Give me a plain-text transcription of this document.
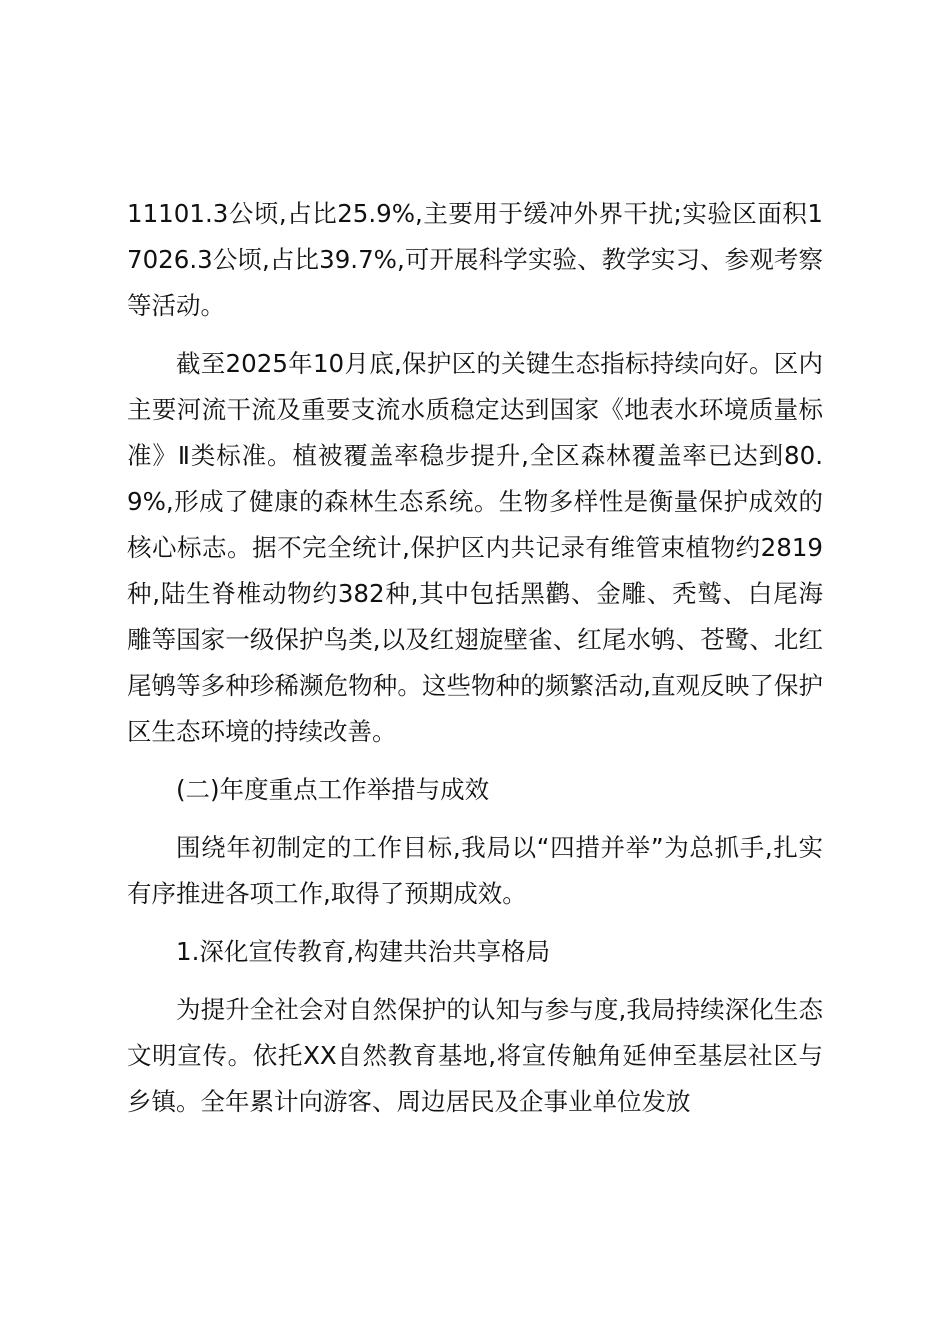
11101.3公顷,占比25.9%,主要用于缓冲外界干扰;实验区面积17026.3公顷,占比39.7%,可开展科学实验、教学实习、参观考察等活动。

截至2025年10月底,保护区的关键生态指标持续向好。区内主要河流干流及重要支流水质稳定达到国家《地表水环境质量标准》Ⅱ类标准。植被覆盖率稳步提升,全区森林覆盖率已达到80.9%,形成了健康的森林生态系统。生物多样性是衡量保护成效的核心标志。据不完全统计,保护区内共记录有维管束植物约2819种,陆生脊椎动物约382种,其中包括黑鹳、金雕、秃鹫、白尾海雕等国家一级保护鸟类,以及红翅旋壁雀、红尾水鸲、苍鹭、北红尾鸲等多种珍稀濒危物种。这些物种的频繁活动,直观反映了保护区生态环境的持续改善。

(二)年度重点工作举措与成效

围绕年初制定的工作目标,我局以“四措并举”为总抓手,扎实有序推进各项工作,取得了预期成效。

1.深化宣传教育,构建共治共享格局

为提升全社会对自然保护的认知与参与度,我局持续深化生态文明宣传。依托XX自然教育基地,将宣传触角延伸至基层社区与乡镇。全年累计向游客、周边居民及企事业单位发放
